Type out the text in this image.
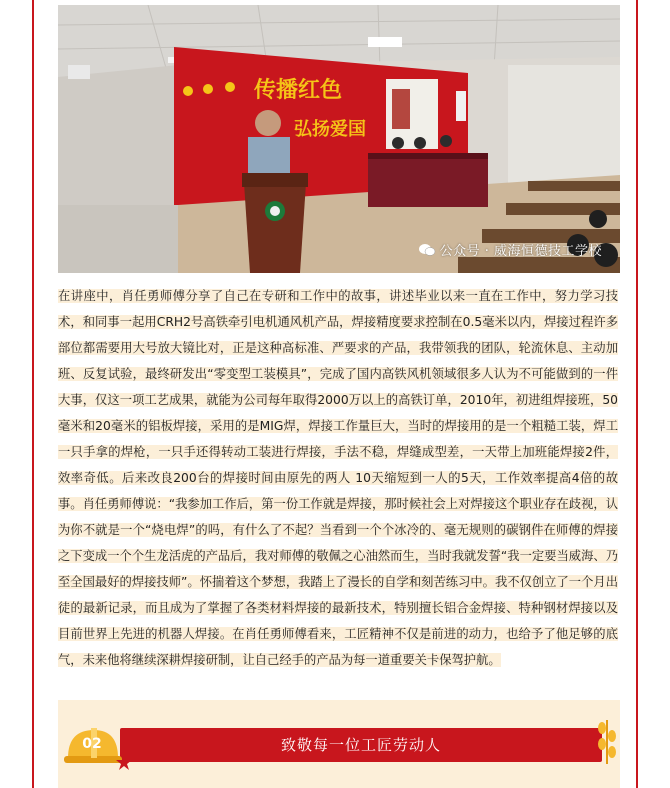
传播红色
弘扬爱国
公众号 · 威海恒德技工学校
在讲座中，肖任勇师傅分享了自己在专研和工作中的故事，讲述毕业以来一直在工作中，努力学习技术，和同事一起用CRH2号高铁牵引电机通风机产品，焊接精度要求控制在0.5毫米以内，焊接过程许多部位都需要用大号放大镜比对，正是这种高标准、严要求的产品，我带领我的团队，轮流休息、主动加班、反复试验，最终研发出“零变型工装模具”，完成了国内高铁风机领域很多人认为不可能做到的一件大事，仅这一项工艺成果，就能为公司每年取得2000万以上的高铁订单，2010年，初进组焊接班，50毫米和20毫米的铝板焊接，采用的是MIG焊，焊接工作量巨大，当时的焊接用的是一个粗糙工装，焊工一只手拿的焊枪，一只手还得转动工装进行焊接，手法不稳，焊缝成型差，一天带上加班能焊接2件，效率奇低。后来改良200台的焊接时间由原先的两人 10天缩短到一人的5天，工作效率提高4倍的故事。肖任勇师傅说：“我参加工作后，第一份工作就是焊接，那时候社会上对焊接这个职业存在歧视，认为你不就是一个“烧电焊”的吗，有什么了不起？当看到一个个冰冷的、毫无规则的碳钢件在师傅的焊接之下变成一个个生龙活虎的产品后，我对师傅的敬佩之心油然而生，当时我就发誓“我一定要当威海、乃至全国最好的焊接技师”。怀揣着这个梦想，我踏上了漫长的自学和刻苦练习中。我不仅创立了一个月出徒的最新记录，而且成为了掌握了各类材料焊接的最新技术，特别擅长铝合金焊接、特种钢材焊接以及目前世界上先进的机器人焊接。在肖任勇师傅看来，工匠精神不仅是前进的动力，也给予了他足够的底气，未来他将继续深耕焊接研制，让自己经手的产品为每一道重要关卡保驾护航。
致敬每一位工匠劳动人
02
